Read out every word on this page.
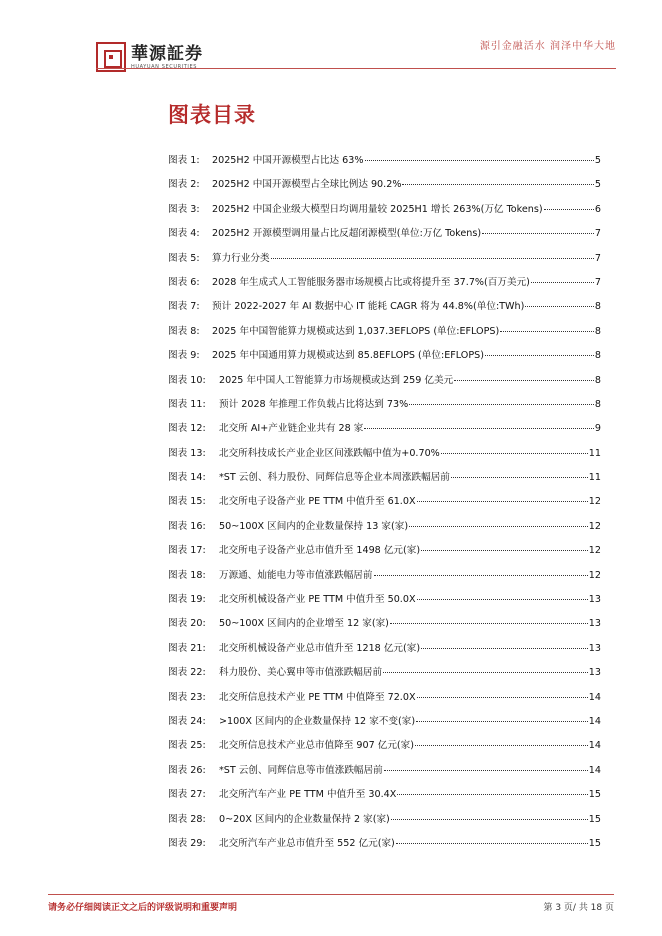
華源証券
HUAYUAN SECURITIES
源引金融活水 润泽中华大地
图表目录
图表 1:	2025H2 中国开源模型占比达 63%	5
图表 2:	2025H2 中国开源模型占全球比例达 90.2%	5
图表 3:	2025H2 中国企业级大模型日均调用量较 2025H1 增长 263%(万亿 Tokens)	6
图表 4:	2025H2 开源模型调用量占比反超闭源模型(单位:万亿 Tokens)	7
图表 5:	算力行业分类	7
图表 6:	2028 年生成式人工智能服务器市场规模占比或将提升至 37.7%(百万美元)	7
图表 7:	预计 2022-2027 年 AI 数据中心 IT 能耗 CAGR 将为 44.8%(单位:TWh)	8
图表 8:	2025 年中国智能算力规模或达到 1,037.3EFLOPS (单位:EFLOPS)	8
图表 9:	2025 年中国通用算力规模或达到 85.8EFLOPS (单位:EFLOPS)	8
图表 10:	2025 年中国人工智能算力市场规模或达到 259 亿美元	8
图表 11:	预计 2028 年推理工作负载占比将达到 73%	8
图表 12:	北交所 AI+产业链企业共有 28 家	9
图表 13:	北交所科技成长产业企业区间涨跌幅中值为+0.70%	11
图表 14:	*ST 云创、科力股份、同辉信息等企业本周涨跌幅居前	11
图表 15:	北交所电子设备产业 PE TTM 中值升至 61.0X	12
图表 16:	50~100X 区间内的企业数量保持 13 家(家)	12
图表 17:	北交所电子设备产业总市值升至 1498 亿元(家)	12
图表 18:	万源通、灿能电力等市值涨跌幅居前	12
图表 19:	北交所机械设备产业 PE TTM 中值升至 50.0X	13
图表 20:	50~100X 区间内的企业增至 12 家(家)	13
图表 21:	北交所机械设备产业总市值升至 1218 亿元(家)	13
图表 22:	科力股份、美心翼申等市值涨跌幅居前	13
图表 23:	北交所信息技术产业 PE TTM 中值降至 72.0X	14
图表 24:	>100X 区间内的企业数量保持 12 家不变(家)	14
图表 25:	北交所信息技术产业总市值降至 907 亿元(家)	14
图表 26:	*ST 云创、同辉信息等市值涨跌幅居前	14
图表 27:	北交所汽车产业 PE TTM 中值升至 30.4X	15
图表 28:	0~20X 区间内的企业数量保持 2 家(家)	15
图表 29:	北交所汽车产业总市值升至 552 亿元(家)	15
请务必仔细阅读正文之后的评级说明和重要声明	第 3 页/ 共 18 页
